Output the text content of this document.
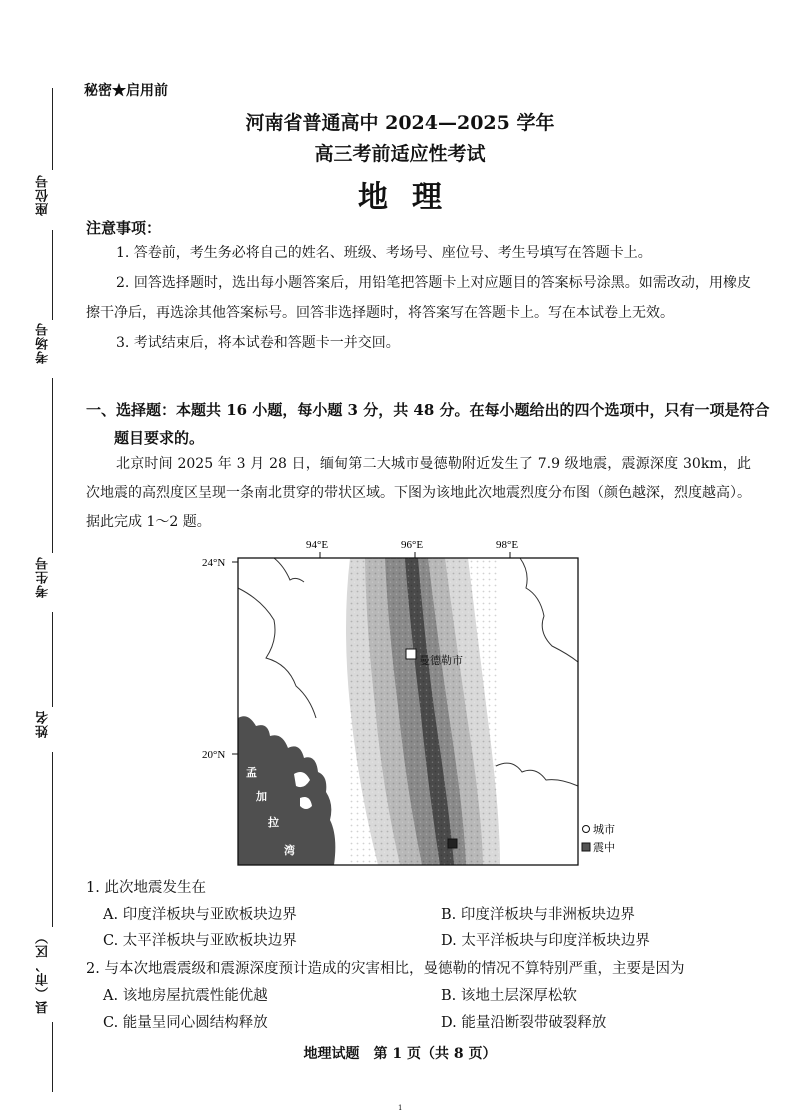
座位号
考场号
考生号
姓名
县（市、区）
秘密★启用前
河南省普通高中 2024—2025 学年
高三考前适应性考试
地理
注意事项：
1. 答卷前，考生务必将自己的姓名、班级、考场号、座位号、考生号填写在答题卡上。
2. 回答选择题时，选出每小题答案后，用铅笔把答题卡上对应题目的答案标号涂黑。如需改动，用橡皮擦干净后，再选涂其他答案标号。回答非选择题时，将答案写在答题卡上。写在本试卷上无效。
3. 考试结束后，将本试卷和答题卡一并交回。
一、选择题：本题共 16 小题，每小题 3 分，共 48 分。在每小题给出的四个选项中，只有一项是符合题目要求的。
北京时间 2025 年 3 月 28 日，缅甸第二大城市曼德勒附近发生了 7.9 级地震，震源深度 30km，此次地震的高烈度区呈现一条南北贯穿的带状区域。下图为该地此次地震烈度分布图（颜色越深，烈度越高）。据此完成 1～2 题。
94°E	96°E	98°E
24°N
20°N
孟
加
拉
湾
曼德勒市
城市
震中
1. 此次地震发生在
A. 印度洋板块与亚欧板块边界	B. 印度洋板块与非洲板块边界
C. 太平洋板块与亚欧板块边界	D. 太平洋板块与印度洋板块边界
2. 与本次地震震级和震源深度预计造成的灾害相比，曼德勒的情况不算特别严重，主要是因为
A. 该地房屋抗震性能优越	B. 该地土层深厚松软
C. 能量呈同心圆结构释放	D. 能量沿断裂带破裂释放
地理试题　第 1 页（共 8 页）
1
